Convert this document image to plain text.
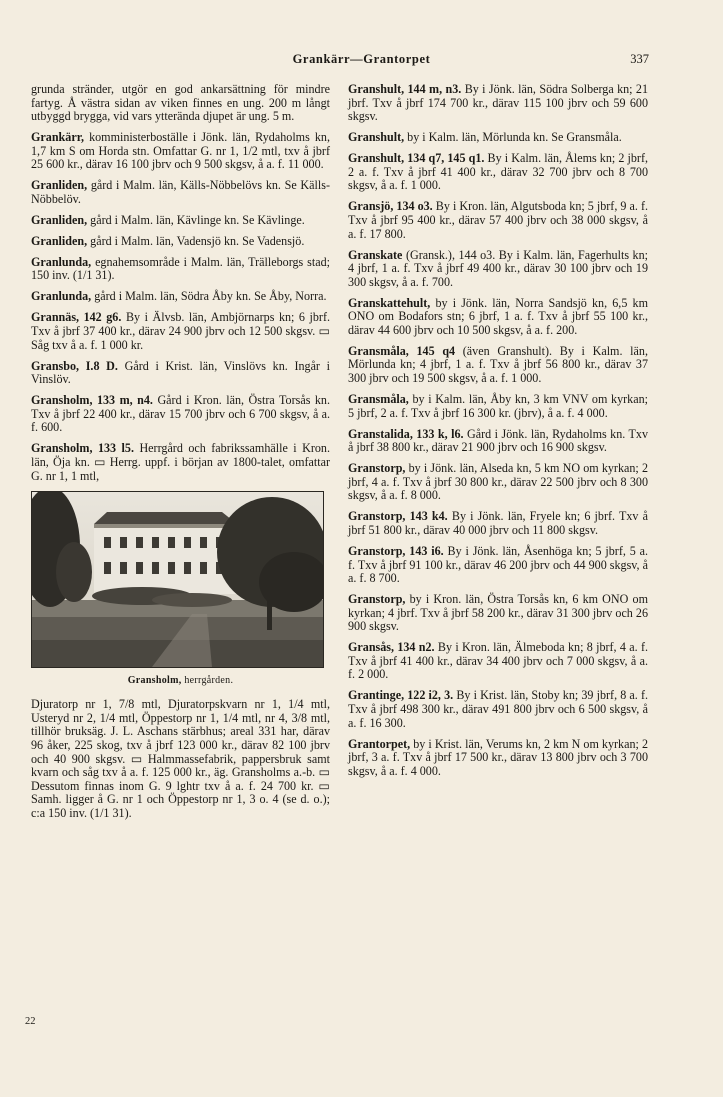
Grankärr—Grantorpet	337

grunda stränder, utgör en god ankarsättning för mindre fartyg. Å västra sidan av viken finnes en ung. 200 m långt utbyggd brygga, vid vars ytterända djupet är ung. 5 m.

Grankärr, komministerboställe i Jönk. län, Rydaholms kn, 1,7 km S om Horda stn. Omfattar G. nr 1, 1/2 mtl, txv å jbrf 25 600 kr., därav 16 100 jbrv och 9 500 skgsv, å a. f. 11 000.

Granliden, gård i Malm. län, Källs-Nöbbelövs kn. Se Källs-Nöbbelöv.

Granliden, gård i Malm. län, Kävlinge kn. Se Kävlinge.

Granliden, gård i Malm. län, Vadensjö kn. Se Vadensjö.

Granlunda, egnahemsområde i Malm. län, Trälleborgs stad; 150 inv. (1/1 31).

Granlunda, gård i Malm. län, Södra Åby kn. Se Åby, Norra.

Grannäs, 142 g6. By i Älvsb. län, Ambjörnarps kn; 6 jbrf. Txv å jbrf 37 400 kr., därav 24 900 jbrv och 12 500 skgsv. ▭ Såg txv å a. f. 1 000 kr.

Gransbo, I.8 D. Gård i Krist. län, Vinslövs kn. Ingår i Vinslöv.

Gransholm, 133 m, n4. Gård i Kron. län, Östra Torsås kn. Txv å jbrf 22 400 kr., därav 15 700 jbrv och 6 700 skgsv, å a. f. 600.

Gransholm, 133 l5. Herrgård och fabrikssamhälle i Kron. län, Öja kn. ▭ Herrg. uppf. i början av 1800-talet, omfattar G. nr 1, 1 mtl,

Gransholm, herrgården.

Djuratorp nr 1, 7/8 mtl, Djuratorpskvarn nr 1, 1/4 mtl, Usteryd nr 2, 1/4 mtl, Öppestorp nr 1, 1/4 mtl, nr 4, 3/8 mtl, tillhör bruksäg. J. L. Aschans stärbhus; areal 331 har, därav 96 åker, 225 skog, txv å jbrf 123 000 kr., därav 82 100 jbrv och 40 900 skgsv. ▭ Halmmassefabrik, pappersbruk samt kvarn och såg txv å a. f. 125 000 kr., äg. Gransholms a.-b. ▭ Dessutom finnas inom G. 9 lghtr txv å a. f. 24 700 kr. ▭ Samh. ligger å G. nr 1 och Öppestorp nr 1, 3 o. 4 (se d. o.); c:a 150 inv. (1/1 31).

Granshult, 144 m, n3. By i Jönk. län, Södra Solberga kn; 21 jbrf. Txv å jbrf 174 700 kr., därav 115 100 jbrv och 59 600 skgsv.

Granshult, by i Kalm. län, Mörlunda kn. Se Gransmåla.

Granshult, 134 q7, 145 q1. By i Kalm. län, Ålems kn; 2 jbrf, 2 a. f. Txv å jbrf 41 400 kr., därav 32 700 jbrv och 8 700 skgsv, å a. f. 1 000.

Gransjö, 134 o3. By i Kron. län, Algutsboda kn; 5 jbrf, 9 a. f. Txv å jbrf 95 400 kr., därav 57 400 jbrv och 38 000 skgsv, å a. f. 17 800.

Granskate (Gransk.), 144 o3. By i Kalm. län, Fagerhults kn; 4 jbrf, 1 a. f. Txv å jbrf 49 400 kr., därav 30 100 jbrv och 19 300 skgsv, å a. f. 700.

Granskattehult, by i Jönk. län, Norra Sandsjö kn, 6,5 km ONO om Bodafors stn; 6 jbrf, 1 a. f. Txv å jbrf 55 100 kr., därav 44 600 jbrv och 10 500 skgsv, å a. f. 200.

Gransmåla, 145 q4 (även Granshult). By i Kalm. län, Mörlunda kn; 4 jbrf, 1 a. f. Txv å jbrf 56 800 kr., därav 37 300 jbrv och 19 500 skgsv, å a. f. 1 000.

Gransmåla, by i Kalm. län, Åby kn, 3 km VNV om kyrkan; 5 jbrf, 2 a. f. Txv å jbrf 16 300 kr. (jbrv), å a. f. 4 000.

Granstalida, 133 k, l6. Gård i Jönk. län, Rydaholms kn. Txv å jbrf 38 800 kr., därav 21 900 jbrv och 16 900 skgsv.

Granstorp, by i Jönk. län, Alseda kn, 5 km NO om kyrkan; 2 jbrf, 4 a. f. Txv å jbrf 30 800 kr., därav 22 500 jbrv och 8 300 skgsv, å a. f. 8 000.

Granstorp, 143 k4. By i Jönk. län, Fryele kn; 6 jbrf. Txv å jbrf 51 800 kr., därav 40 000 jbrv och 11 800 skgsv.

Granstorp, 143 i6. By i Jönk. län, Åsenhöga kn; 5 jbrf, 5 a. f. Txv å jbrf 91 100 kr., därav 46 200 jbrv och 44 900 skgsv, å a. f. 8 700.

Granstorp, by i Kron. län, Östra Torsås kn, 6 km ONO om kyrkan; 4 jbrf. Txv å jbrf 58 200 kr., därav 31 300 jbrv och 26 900 skgsv.

Gransås, 134 n2. By i Kron. län, Älmeboda kn; 8 jbrf, 4 a. f. Txv å jbrf 41 400 kr., därav 34 400 jbrv och 7 000 skgsv, å a. f. 2 000.

Grantinge, 122 i2, 3. By i Krist. län, Stoby kn; 39 jbrf, 8 a. f. Txv å jbrf 498 300 kr., därav 491 800 jbrv och 6 500 skgsv, å a. f. 16 300.

Grantorpet, by i Krist. län, Verums kn, 2 km N om kyrkan; 2 jbrf, 3 a. f. Txv å jbrf 17 500 kr., därav 13 800 jbrv och 3 700 skgsv, å a. f. 4 000.

22
